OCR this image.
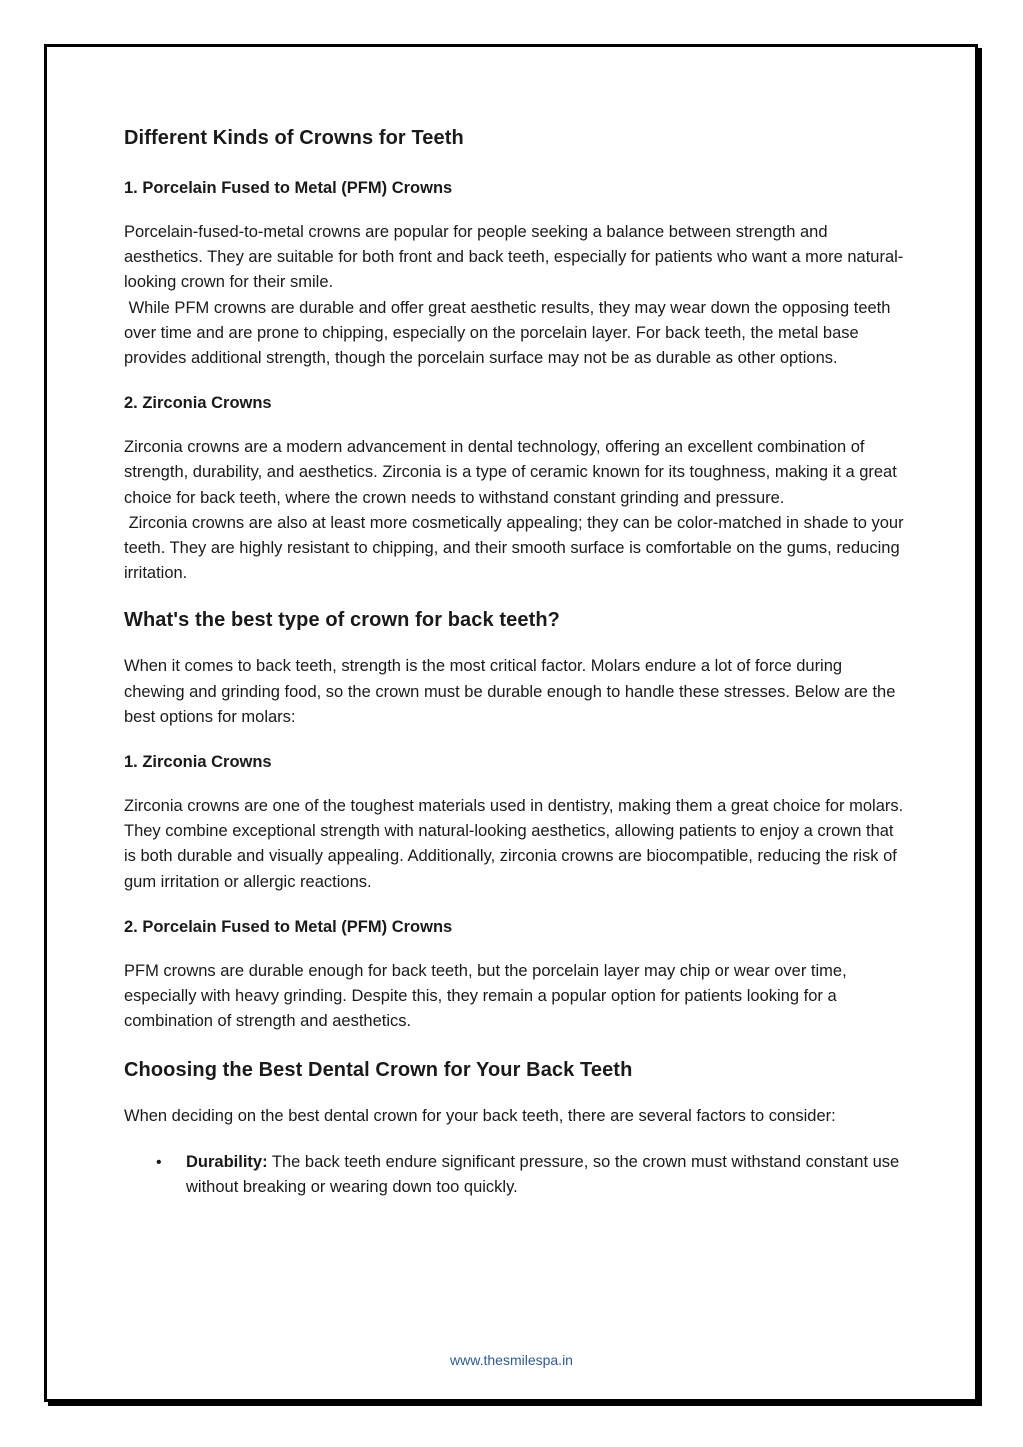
Different Kinds of Crowns for Teeth
1. Porcelain Fused to Metal (PFM) Crowns

Porcelain-fused-to-metal crowns are popular for people seeking a balance between strength and aesthetics. They are suitable for both front and back teeth, especially for patients who want a more natural-looking crown for their smile.

While PFM crowns are durable and offer great aesthetic results, they may wear down the opposing teeth over time and are prone to chipping, especially on the porcelain layer. For back teeth, the metal base provides additional strength, though the porcelain surface may not be as durable as other options.

2. Zirconia Crowns

Zirconia crowns are a modern advancement in dental technology, offering an excellent combination of strength, durability, and aesthetics. Zirconia is a type of ceramic known for its toughness, making it a great choice for back teeth, where the crown needs to withstand constant grinding and pressure.

Zirconia crowns are also at least more cosmetically appealing; they can be color-matched in shade to your teeth. They are highly resistant to chipping, and their smooth surface is comfortable on the gums, reducing irritation.

What's the best type of crown for back teeth?

When it comes to back teeth, strength is the most critical factor. Molars endure a lot of force during chewing and grinding food, so the crown must be durable enough to handle these stresses. Below are the best options for molars:

1. Zirconia Crowns

Zirconia crowns are one of the toughest materials used in dentistry, making them a great choice for molars. They combine exceptional strength with natural-looking aesthetics, allowing patients to enjoy a crown that is both durable and visually appealing. Additionally, zirconia crowns are biocompatible, reducing the risk of gum irritation or allergic reactions.

2. Porcelain Fused to Metal (PFM) Crowns

PFM crowns are durable enough for back teeth, but the porcelain layer may chip or wear over time, especially with heavy grinding. Despite this, they remain a popular option for patients looking for a combination of strength and aesthetics.

Choosing the Best Dental Crown for Your Back Teeth

When deciding on the best dental crown for your back teeth, there are several factors to consider:

• Durability: The back teeth endure significant pressure, so the crown must withstand constant use without breaking or wearing down too quickly.
www.thesmilespa.in
